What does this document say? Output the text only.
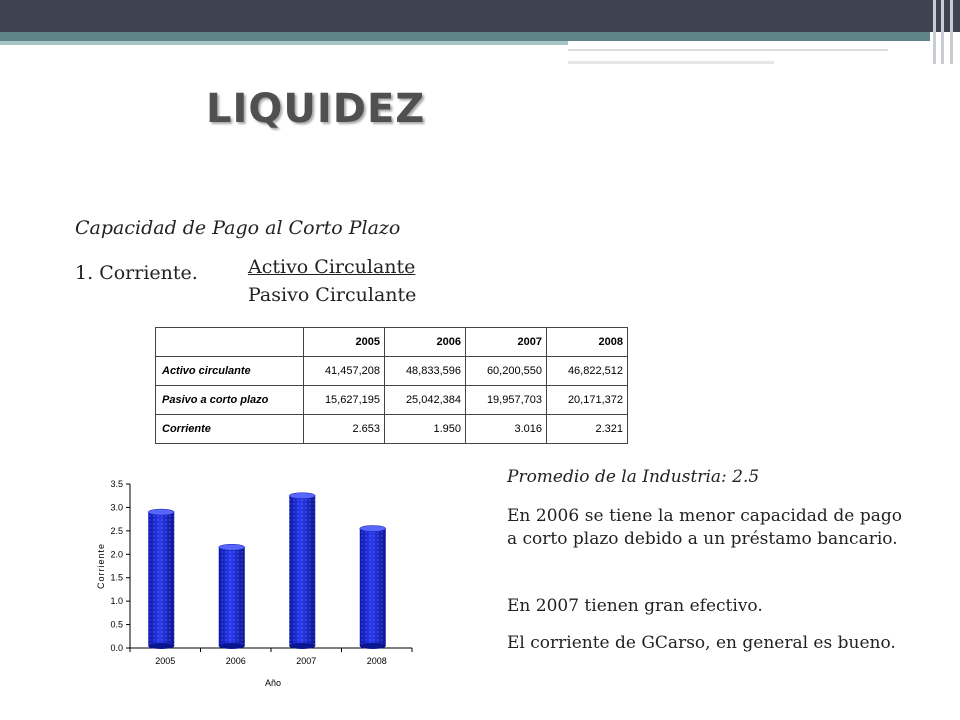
LIQUIDEZ
Capacidad de Pago al Corto Plazo
1. Corriente.	Activo Circulante
Pasivo Circulante
	2005	2006	2007	2008
Activo circulante	41,457,208	48,833,596	60,200,550	46,822,512
Pasivo a corto plazo	15,627,195	25,042,384	19,957,703	20,171,372
Corriente	2.653	1.950	3.016	2.321
0.0
0.5
1.0
1.5
2.0
2.5
3.0
3.5
2005	2006	2007	2008
Año
Corriente
Promedio de la Industria: 2.5
En 2006 se tiene la menor capacidad de pago a corto plazo debido a un préstamo bancario.
En 2007 tienen gran efectivo.
El corriente de GCarso, en general es bueno.
